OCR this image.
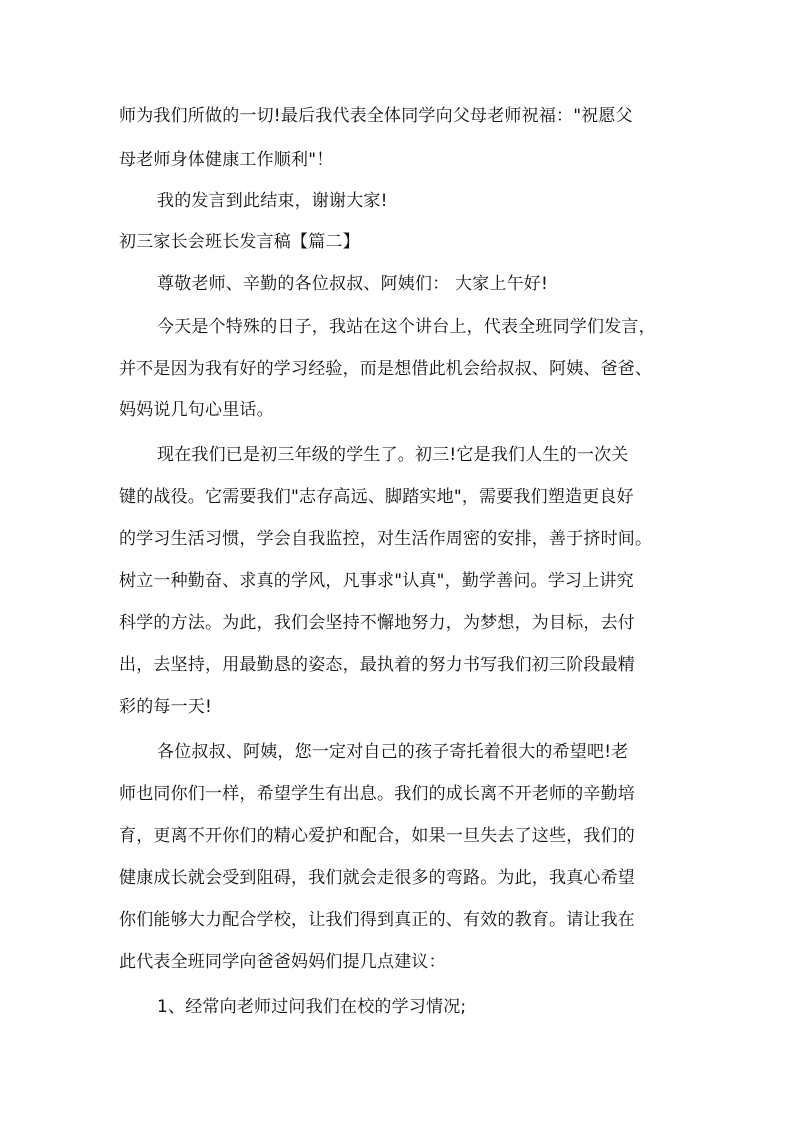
师为我们所做的一切!最后我代表全体同学向父母老师祝福："祝愿父
母老师身体健康工作顺利"！
我的发言到此结束，谢谢大家!
初三家长会班长发言稿【篇二】
尊敬老师、辛勤的各位叔叔、阿姨们： 大家上午好!
今天是个特殊的日子，我站在这个讲台上，代表全班同学们发言，
并不是因为我有好的学习经验，而是想借此机会给叔叔、阿姨、爸爸、
妈妈说几句心里话。
现在我们已是初三年级的学生了。初三!它是我们人生的一次关
键的战役。它需要我们"志存高远、脚踏实地"，需要我们塑造更良好
的学习生活习惯，学会自我监控，对生活作周密的安排，善于挤时间。
树立一种勤奋、求真的学风，凡事求"认真"，勤学善问。学习上讲究
科学的方法。为此，我们会坚持不懈地努力，为梦想，为目标，去付
出，去坚持，用最勤恳的姿态，最执着的努力书写我们初三阶段最精
彩的每一天!
各位叔叔、阿姨，您一定对自己的孩子寄托着很大的希望吧!老
师也同你们一样，希望学生有出息。我们的成长离不开老师的辛勤培
育，更离不开你们的精心爱护和配合，如果一旦失去了这些，我们的
健康成长就会受到阻碍，我们就会走很多的弯路。为此，我真心希望
你们能够大力配合学校，让我们得到真正的、有效的教育。请让我在
此代表全班同学向爸爸妈妈们提几点建议：
1、经常向老师过问我们在校的学习情况;
